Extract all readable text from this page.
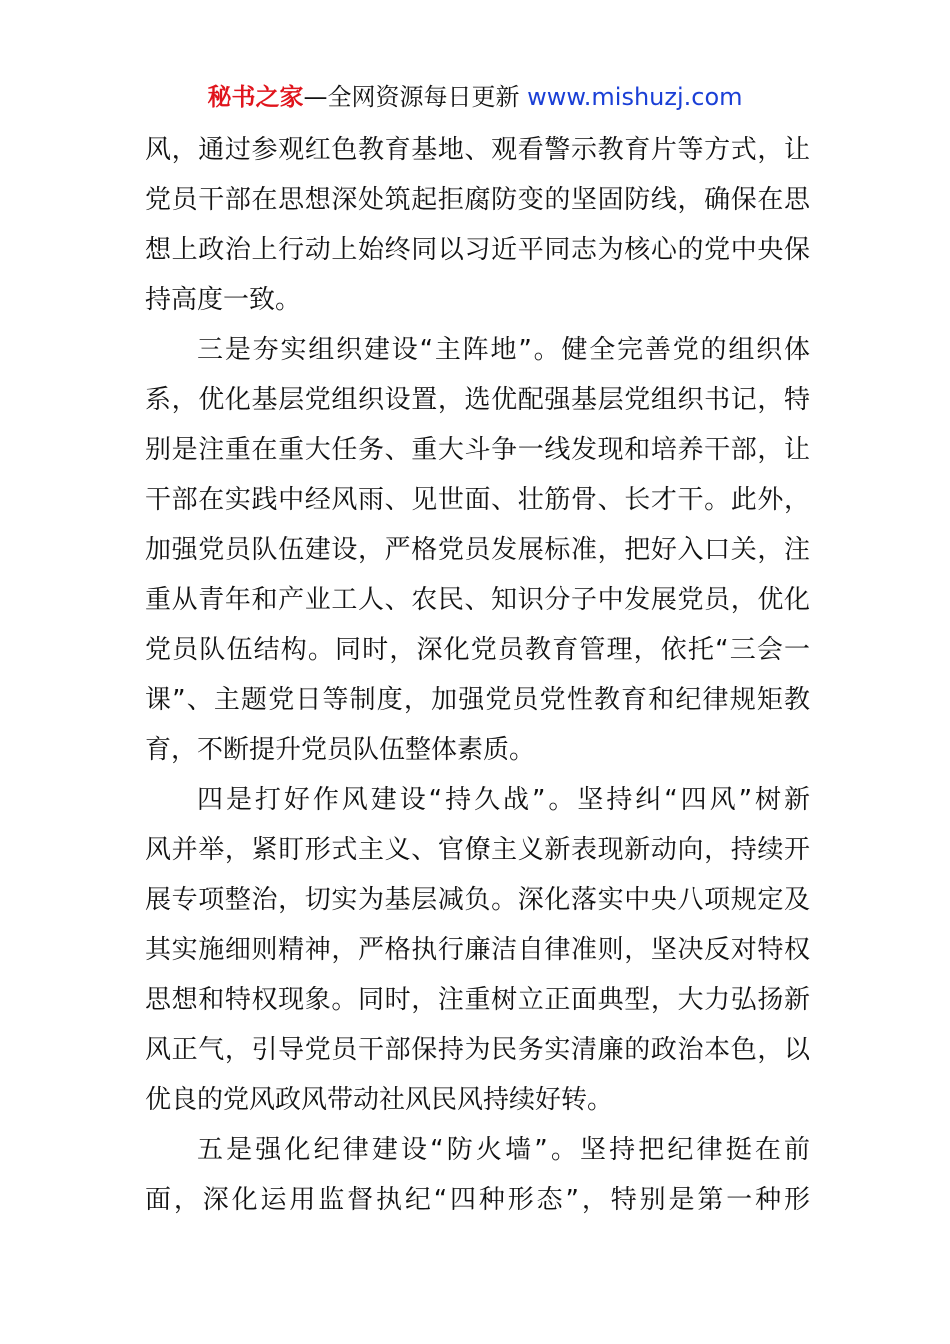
秘书之家—全网资源每日更新 www.mishuzj.com
风，通过参观红色教育基地、观看警示教育片等方式，让
党员干部在思想深处筑起拒腐防变的坚固防线，确保在思
想上政治上行动上始终同以习近平同志为核心的党中央保
持高度一致。
三是夯实组织建设“主阵地”。健全完善党的组织体
系，优化基层党组织设置，选优配强基层党组织书记，特
别是注重在重大任务、重大斗争一线发现和培养干部，让
干部在实践中经风雨、见世面、壮筋骨、长才干。此外，
加强党员队伍建设，严格党员发展标准，把好入口关，注
重从青年和产业工人、农民、知识分子中发展党员，优化
党员队伍结构。同时，深化党员教育管理，依托“三会一
课”、主题党日等制度，加强党员党性教育和纪律规矩教
育，不断提升党员队伍整体素质。
四是打好作风建设“持久战”。坚持纠“四风”树新
风并举，紧盯形式主义、官僚主义新表现新动向，持续开
展专项整治，切实为基层减负。深化落实中央八项规定及
其实施细则精神，严格执行廉洁自律准则，坚决反对特权
思想和特权现象。同时，注重树立正面典型，大力弘扬新
风正气，引导党员干部保持为民务实清廉的政治本色，以
优良的党风政风带动社风民风持续好转。
五是强化纪律建设“防火墙”。坚持把纪律挺在前
面，深化运用监督执纪“四种形态”，特别是第一种形
